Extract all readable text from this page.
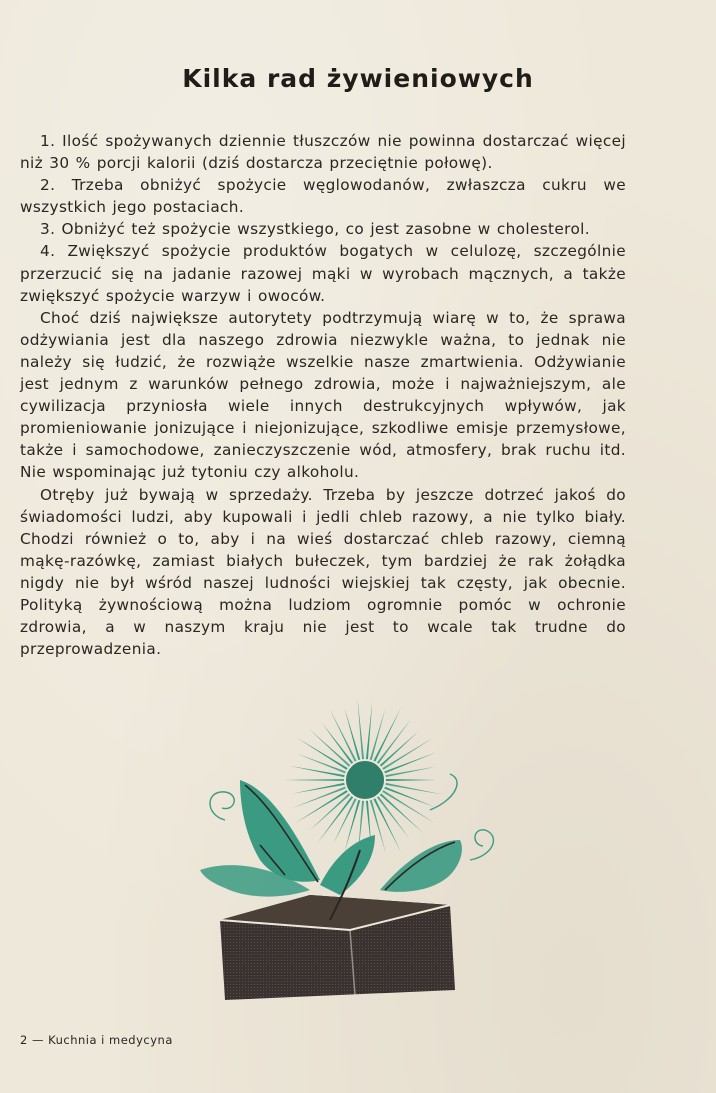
Kilka rad żywieniowych

1. Ilość spożywanych dziennie tłuszczów nie powinna dostarczać więcej niż 30 % porcji kalorii (dziś dostarcza przeciętnie połowę).

2. Trzeba obniżyć spożycie węglowodanów, zwłaszcza cukru we wszystkich jego postaciach.

3. Obniżyć też spożycie wszystkiego, co jest zasobne w cholesterol.

4. Zwiększyć spożycie produktów bogatych w celulozę, szczególnie przerzucić się na jadanie razowej mąki w wyrobach mącznych, a także zwiększyć spożycie warzyw i owoców.

Choć dziś największe autorytety podtrzymują wiarę w to, że sprawa odżywiania jest dla naszego zdrowia niezwykle ważna, to jednak nie należy się łudzić, że rozwiąże wszelkie nasze zmartwienia. Odżywianie jest jednym z warunków pełnego zdrowia, może i najważniejszym, ale cywilizacja przyniosła wiele innych destrukcyjnych wpływów, jak promieniowanie jonizujące i niejonizujące, szkodliwe emisje przemysłowe, także i samochodowe, zanieczyszczenie wód, atmosfery, brak ruchu itd. Nie wspominając już tytoniu czy alkoholu.

Otręby już bywają w sprzedaży. Trzeba by jeszcze dotrzeć jakoś do świadomości ludzi, aby kupowali i jedli chleb razowy, a nie tylko biały. Chodzi również o to, aby i na wieś dostarczać chleb razowy, ciemną mąkę-razówkę, zamiast białych bułeczek, tym bardziej że rak żołądka nigdy nie był wśród naszej ludności wiejskiej tak częsty, jak obecnie. Polityką żywnościową można ludziom ogromnie pomóc w ochronie zdrowia, a w naszym kraju nie jest to wcale tak trudne do przeprowadzenia.

2 — Kuchnia i medycyna
